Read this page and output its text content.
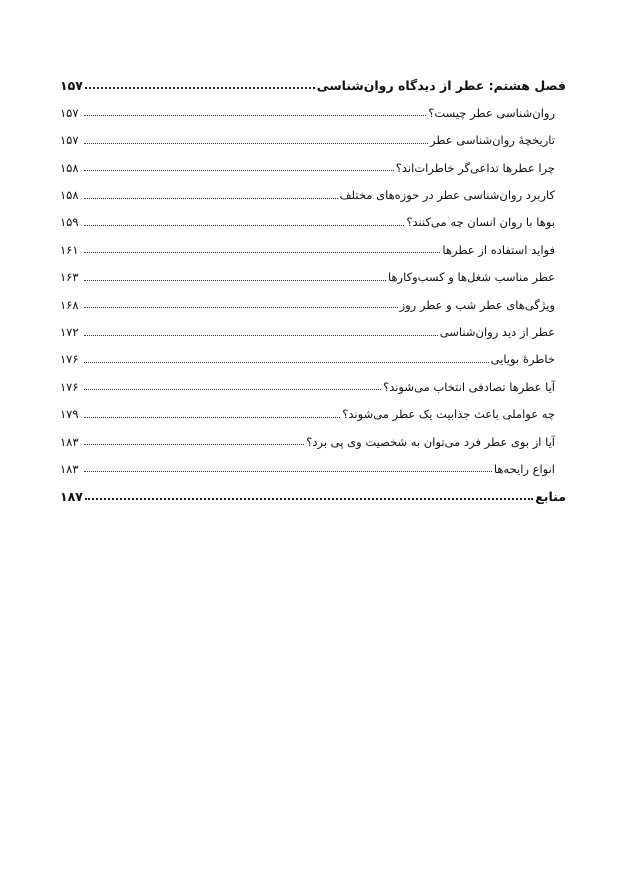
فصل هشتم: عطر از دیدگاه روان‌شناسی
۱۵۷
روان‌شناسی عطر چیست؟
۱۵۷
تاریخچهٔ روان‌شناسی عطر
۱۵۷
چرا عطرها تداعی‌گر خاطرات‌اند؟
۱۵۸
کاربرد روان‌شناسی عطر در حوزه‌های مختلف
۱۵۸
بوها با روان انسان چه می‌کنند؟
۱۵۹
فواید استفاده از عطرها
۱۶۱
عطر مناسب شغل‌ها و کسب‌وکارها
۱۶۳
ویژگی‌های عطر شب و عطر روز
۱۶۸
عطر از دید روان‌شناسی
۱۷۲
خاطرهٔ بویایی
۱۷۶
آیا عطرها تصادفی انتخاب می‌شوند؟
۱۷۶
چه عواملی باعث جذابیت یک عطر می‌شوند؟
۱۷۹
آیا از بوی عطر فرد می‌توان به شخصیت وی پی برد؟
۱۸۳
انواع رایحه‌ها
۱۸۳
منابع
۱۸۷
